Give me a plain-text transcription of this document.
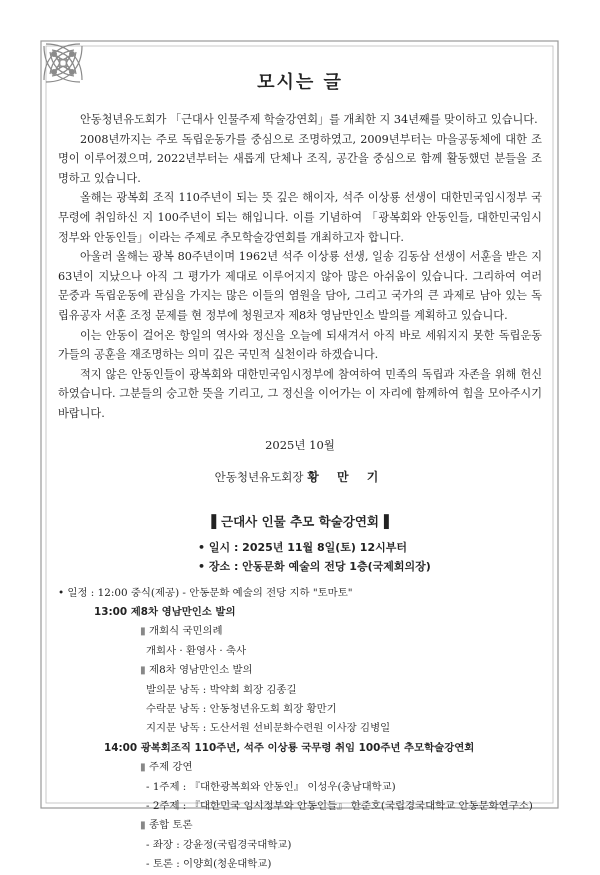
모시는 글

안동청년유도회가 「근대사 인물주제 학술강연회」를 개최한 지 34년째를 맞이하고 있습니다.

2008년까지는 주로 독립운동가를 중심으로 조명하였고, 2009년부터는 마을공동체에 대한 조명이 이루어졌으며, 2022년부터는 새롭게 단체나 조직, 공간을 중심으로 함께 활동했던 분들을 조명하고 있습니다.

올해는 광복회 조직 110주년이 되는 뜻 깊은 해이자, 석주 이상룡 선생이 대한민국임시정부 국무령에 취임하신 지 100주년이 되는 해입니다. 이를 기념하여 「광복회와 안동인들, 대한민국임시정부와 안동인들」이라는 주제로 추모학술강연회를 개최하고자 합니다.

아울러 올해는 광복 80주년이며 1962년 석주 이상룡 선생, 일송 김동삼 선생이 서훈을 받은 지 63년이 지났으나 아직 그 평가가 제대로 이루어지지 않아 많은 아쉬움이 있습니다. 그리하여 여러 문중과 독립운동에 관심을 가지는 많은 이들의 염원을 담아, 그리고 국가의 큰 과제로 남아 있는 독립유공자 서훈 조정 문제를 현 정부에 청원코자 제8차 영남만인소 발의를 계획하고 있습니다.

이는 안동이 걸어온 항일의 역사와 정신을 오늘에 되새겨서 아직 바로 세워지지 못한 독립운동가들의 공훈을 재조명하는 의미 깊은 국민적 실천이라 하겠습니다.

적지 않은 안동인들이 광복회와 대한민국임시정부에 참여하여 민족의 독립과 자존을 위해 헌신하였습니다. 그분들의 숭고한 뜻을 기리고, 그 정신을 이어가는 이 자리에 함께하여 힘을 모아주시기 바랍니다.

2025년 10월
안동청년유도회장 황 만 기
▌근대사 인물 추모 학술강연회▐
• 일시 : 2025년 11월 8일(토) 12시부터
• 장소 : 안동문화 예술의 전당 1층(국제회의장)
• 일정 : 12:00 중식(제공) - 안동문화 예술의 전당 지하 "토마토"
13:00 제8차 영남만인소 발의
▮ 개회식 국민의례
개회사 · 환영사 · 축사
▮ 제8차 영남만인소 발의
발의문 낭독 : 박약회 회장 김종길
수락문 낭독 : 안동청년유도회 회장 황만기
지지문 낭독 : 도산서원 선비문화수련원 이사장 김병일
14:00 광복회조직 110주년, 석주 이상룡 국무령 취임 100주년 추모학술강연회
▮ 주제 강연
- 1주제 : 『대한광복회와 안동인』 이성우(충남대학교)
- 2주제 : 『대한민국 임시정부와 안동인들』 한준호(국립경국대학교 안동문화연구소)
▮ 종합 토론
- 좌장 : 강윤정(국립경국대학교)
- 토론 : 이양희(청운대학교)
